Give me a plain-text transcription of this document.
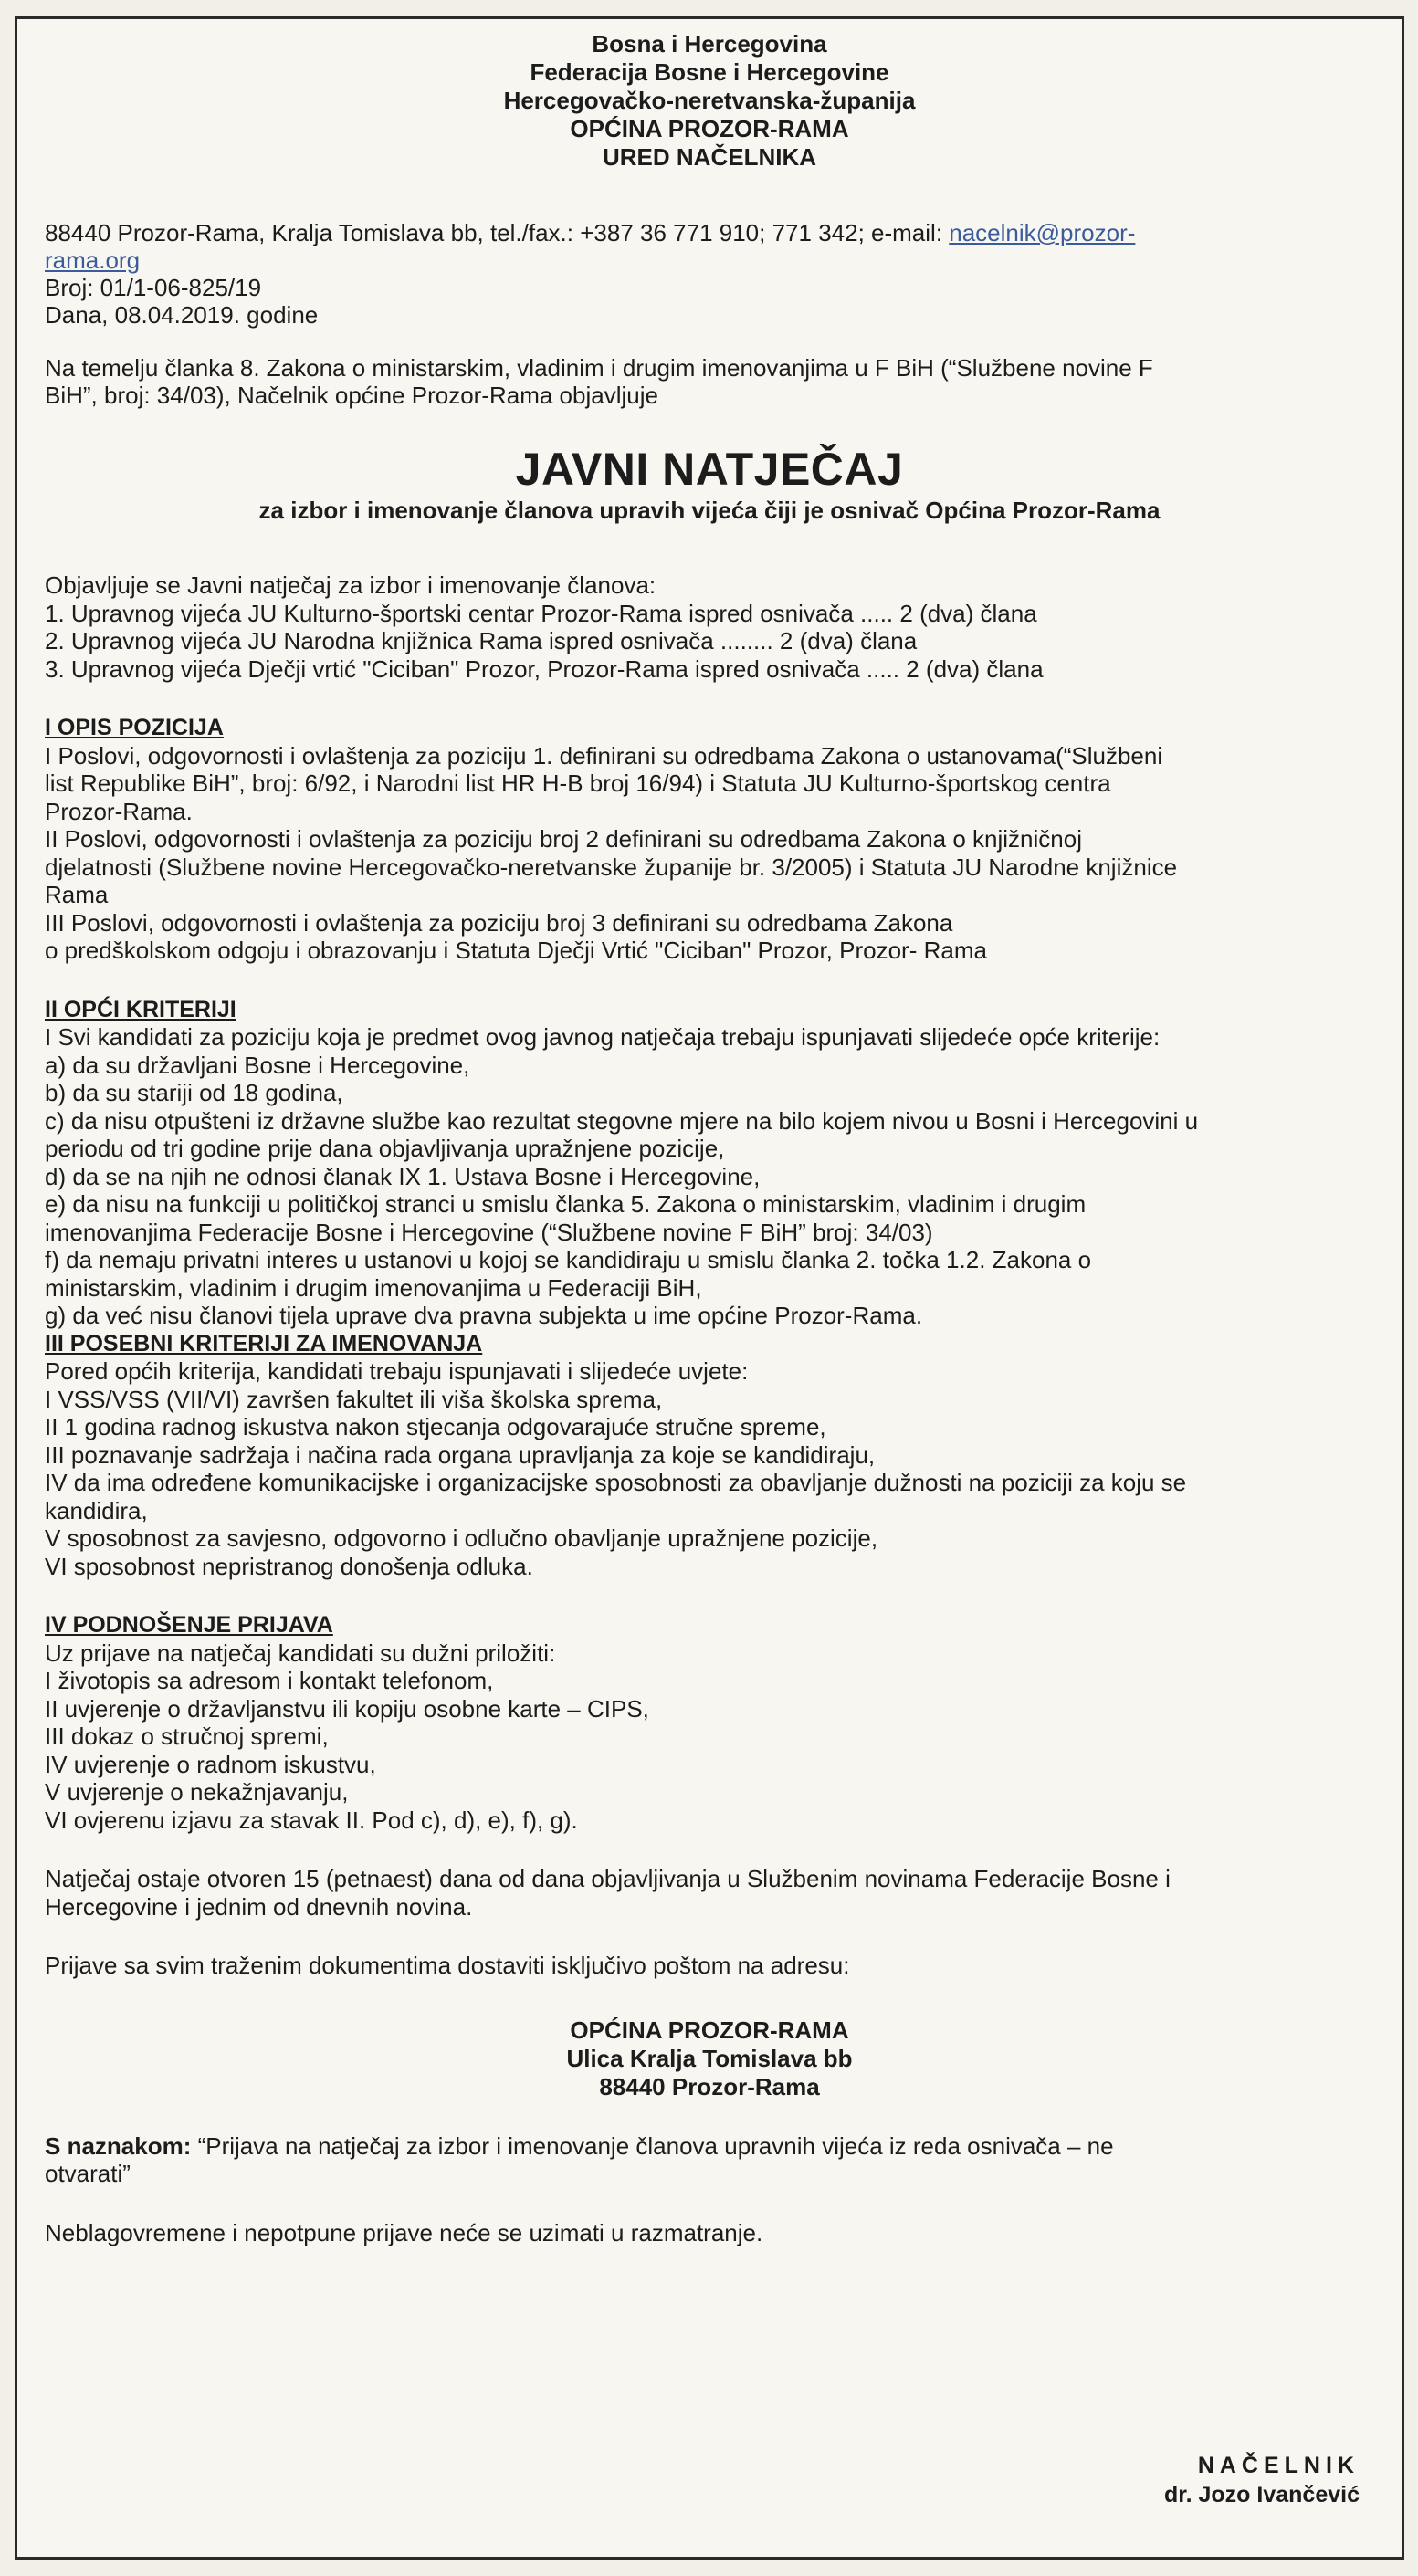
Bosna i Hercegovina
Federacija Bosne i Hercegovine
Hercegovačko-neretvanska-županija
OPĆINA PROZOR-RAMA
URED NAČELNIKA
88440 Prozor-Rama, Kralja Tomislava bb, tel./fax.: +387 36 771 910; 771 342; e-mail: nacelnik@prozor-
rama.org
Broj: 01/1-06-825/19
Dana, 08.04.2019. godine
Na temelju članka 8. Zakona o ministarskim, vladinim i drugim imenovanjima u F BiH (“Službene novine F
BiH”, broj: 34/03), Načelnik općine Prozor-Rama objavljuje
JAVNI NATJEČAJ
za izbor i imenovanje članova upravih vijeća čiji je osnivač Općina Prozor-Rama
Objavljuje se Javni natječaj za izbor i imenovanje članova:
1. Upravnog vijeća JU Kulturno-športski centar Prozor-Rama ispred osnivača ..... 2 (dva) člana
2. Upravnog vijeća JU Narodna knjižnica Rama ispred osnivača ........ 2 (dva) člana
3. Upravnog vijeća Dječji vrtić "Ciciban" Prozor, Prozor-Rama ispred osnivača ..... 2 (dva) člana
I OPIS POZICIJA
I Poslovi, odgovornosti i ovlaštenja za poziciju 1. definirani su odredbama Zakona o ustanovama(“Službeni
list Republike BiH”, broj: 6/92, i Narodni list HR H-B broj 16/94) i Statuta JU Kulturno-športskog centra
Prozor-Rama.
II Poslovi, odgovornosti i ovlaštenja za poziciju broj 2 definirani su odredbama Zakona o knjižničnoj
djelatnosti (Službene novine Hercegovačko-neretvanske županije br. 3/2005) i Statuta JU Narodne knjižnice
Rama
III Poslovi, odgovornosti i ovlaštenja za poziciju broj 3 definirani su odredbama Zakona
o predškolskom odgoju i obrazovanju i Statuta Dječji Vrtić "Ciciban" Prozor, Prozor- Rama
II OPĆI KRITERIJI
I Svi kandidati za poziciju koja je predmet ovog javnog natječaja trebaju ispunjavati slijedeće opće kriterije:
a) da su državljani Bosne i Hercegovine,
b) da su stariji od 18 godina,
c) da nisu otpušteni iz državne službe kao rezultat stegovne mjere na bilo kojem nivou u Bosni i Hercegovini u
periodu od tri godine prije dana objavljivanja upražnjene pozicije,
d) da se na njih ne odnosi članak IX 1. Ustava Bosne i Hercegovine,
e) da nisu na funkciji u političkoj stranci u smislu članka 5. Zakona o ministarskim, vladinim i drugim
imenovanjima Federacije Bosne i Hercegovine (“Službene novine F BiH” broj: 34/03)
f) da nemaju privatni interes u ustanovi u kojoj se kandidiraju u smislu članka 2. točka 1.2. Zakona o
ministarskim, vladinim i drugim imenovanjima u Federaciji BiH,
g) da već nisu članovi tijela uprave dva pravna subjekta u ime općine Prozor-Rama.
III POSEBNI KRITERIJI ZA IMENOVANJA
Pored općih kriterija, kandidati trebaju ispunjavati i slijedeće uvjete:
I VSS/VSS (VII/VI) završen fakultet ili viša školska sprema,
II 1 godina radnog iskustva nakon stjecanja odgovarajuće stručne spreme,
III poznavanje sadržaja i načina rada organa upravljanja za koje se kandidiraju,
IV da ima određene komunikacijske i organizacijske sposobnosti za obavljanje dužnosti na poziciji za koju se
kandidira,
V sposobnost za savjesno, odgovorno i odlučno obavljanje upražnjene pozicije,
VI sposobnost nepristranog donošenja odluka.
IV PODNOŠENJE PRIJAVA
Uz prijave na natječaj kandidati su dužni priložiti:
I životopis sa adresom i kontakt telefonom,
II uvjerenje o državljanstvu ili kopiju osobne karte – CIPS,
III dokaz o stručnoj spremi,
IV uvjerenje o radnom iskustvu,
V uvjerenje o nekažnjavanju,
VI ovjerenu izjavu za stavak II. Pod c), d), e), f), g).
Natječaj ostaje otvoren 15 (petnaest) dana od dana objavljivanja u Službenim novinama Federacije Bosne i
Hercegovine i jednim od dnevnih novina.
Prijave sa svim traženim dokumentima dostaviti isključivo poštom na adresu:
OPĆINA PROZOR-RAMA
Ulica Kralja Tomislava bb
88440 Prozor-Rama
S naznakom: “Prijava na natječaj za izbor i imenovanje članova upravnih vijeća iz reda osnivača – ne
otvarati”
Neblagovremene i nepotpune prijave neće se uzimati u razmatranje.
NAČELNIK
dr. Jozo Ivančević
